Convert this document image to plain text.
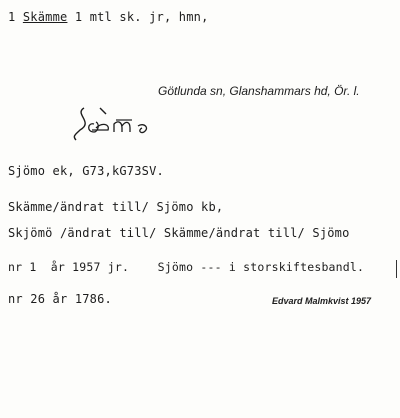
1 Skämme 1 mtl sk. jr, hmn,
Götlunda sn, Glanshammars hd, Ör. l.
Sjömo ek, G73,kG73SV.
Skämme/ändrat till/ Sjömo kb,
Skjömö /ändrat till/ Skämme/ändrat till/ Sjömo
nr 1  år 1957 jr.    Sjömo --- i storskiftesbandl.
nr 26 år 1786.	Edvard Malmkvist 1957
